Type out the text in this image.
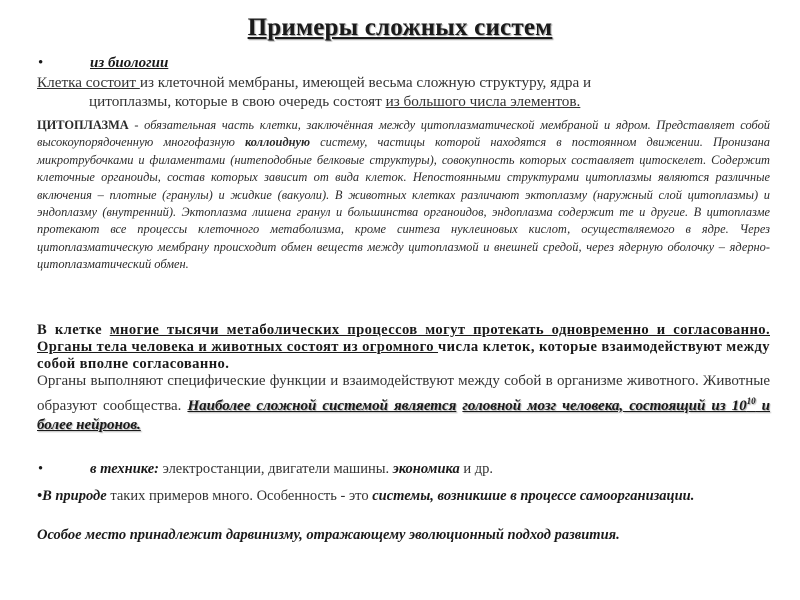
Примеры сложных систем
•	из биологии
Клетка состоит из клеточной мембраны, имеющей весьма сложную структуру, ядра и
цитоплазмы, которые в свою очередь состоят из большого числа элементов.
ЦИТОПЛАЗМА - обязательная часть клетки, заключённая между цитоплазматической мембраной и ядром. Представляет собой высокоупорядоченную многофазную коллоидную систему, частицы которой находятся в постоянном движении. Пронизана микротрубочками и филаментами (нитеподобные белковые структуры), совокупность которых составляет цитоскелет. Содержит клеточные органоиды, состав которых зависит от вида клеток. Непостоянными структурами цитоплазмы являются различные включения – плотные (гранулы) и жидкие (вакуоли). В животных клетках различают эктоплазму (наружный слой цитоплазмы) и эндоплазму (внутренний). Эктоплазма лишена гранул и большинства органоидов, эндоплазма содержит те и другие. В цитоплазме протекают все процессы клеточного метаболизма, кроме синтеза нуклеиновых кислот, осуществляемого в ядре. Через цитоплазматическую мембрану происходит обмен веществ между цитоплазмой и внешней средой, через ядерную оболочку – ядерно-цитоплазматический обмен.
В клетке многие тысячи метаболических процессов могут протекать одновременно и согласованно. Органы тела человека и животных состоят из огромного числа клеток, которые взаимодействуют между собой вполне согласованно.
Органы выполняют специфические функции и взаимодействуют между собой в организме животного. Животные образуют сообщества. Наиболее сложной системой является головной мозг человека, состоящий из $10^{10}$ и более нейронов.
•	в технике: электростанции, двигатели машины. экономика и др.
•В природе таких примеров много. Особенность - это системы, возникшие в процессе самоорганизации.
Особое место принадлежит дарвинизму, отражающему эволюционный подход развития.
